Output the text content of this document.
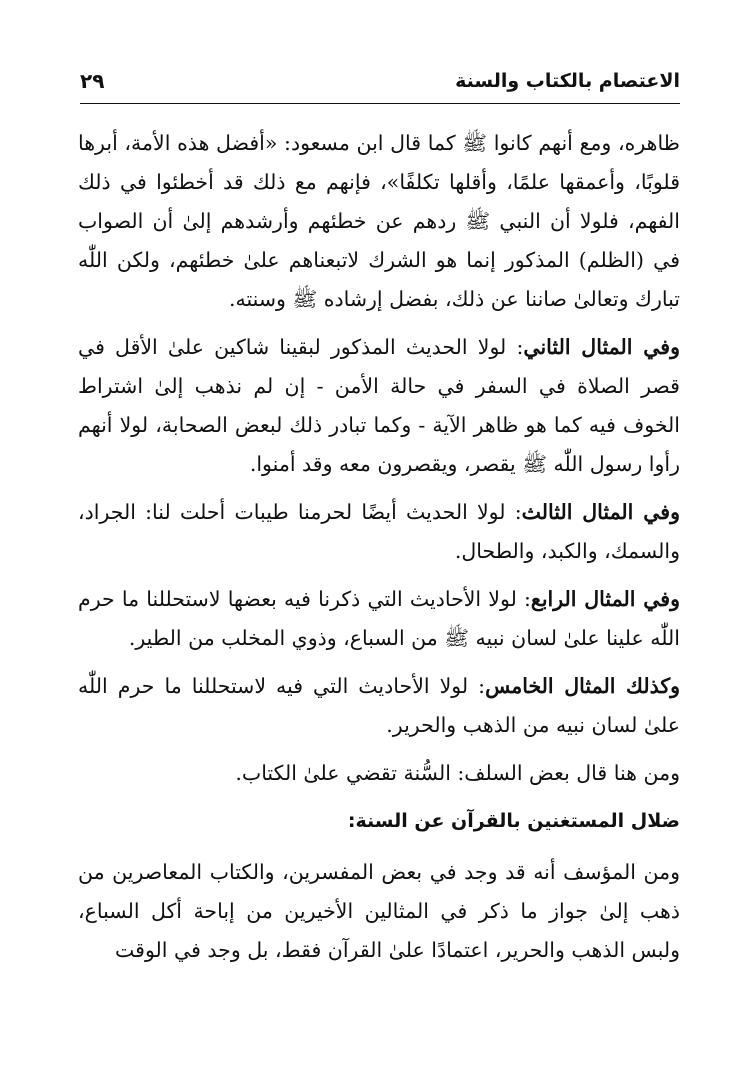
الاعتصام بالكتاب والسنة
٢٩

ظاهره، ومع أنهم كانوا ﷺ كما قال ابن مسعود: «أفضل هذه الأمة، أبرها قلوبًا، وأعمقها علمًا، وأقلها تكلفًا»، فإنهم مع ذلك قد أخطئوا في ذلك الفهم، فلولا أن النبي ﷺ ردهم عن خطئهم وأرشدهم إلىٰ أن الصواب في (الظلم) المذكور إنما هو الشرك لاتبعناهم علىٰ خطئهم، ولكن اللّٰه تبارك وتعالىٰ صاننا عن ذلك، بفضل إرشاده ﷺ وسنته.

وفي المثال الثاني: لولا الحديث المذكور لبقينا شاكين علىٰ الأقل في قصر الصلاة في السفر في حالة الأمن - إن لم نذهب إلىٰ اشتراط الخوف فيه كما هو ظاهر الآية - وكما تبادر ذلك لبعض الصحابة، لولا أنهم رأوا رسول اللّٰه ﷺ يقصر، ويقصرون معه وقد أمنوا.

وفي المثال الثالث: لولا الحديث أيضًا لحرمنا طيبات أحلت لنا: الجراد، والسمك، والكبد، والطحال.

وفي المثال الرابع: لولا الأحاديث التي ذكرنا فيه بعضها لاستحللنا ما حرم اللّٰه علينا علىٰ لسان نبيه ﷺ من السباع، وذوي المخلب من الطير.

وكذلك المثال الخامس: لولا الأحاديث التي فيه لاستحللنا ما حرم اللّٰه علىٰ لسان نبيه من الذهب والحرير.

ومن هنا قال بعض السلف: السُّنة تقضي علىٰ الكتاب.

ضلال المستغنين بالقرآن عن السنة:

ومن المؤسف أنه قد وجد في بعض المفسرين، والكتاب المعاصرين من ذهب إلىٰ جواز ما ذكر في المثالين الأخيرين من إباحة أكل السباع، ولبس الذهب والحرير، اعتمادًا علىٰ القرآن فقط، بل وجد في الوقت
